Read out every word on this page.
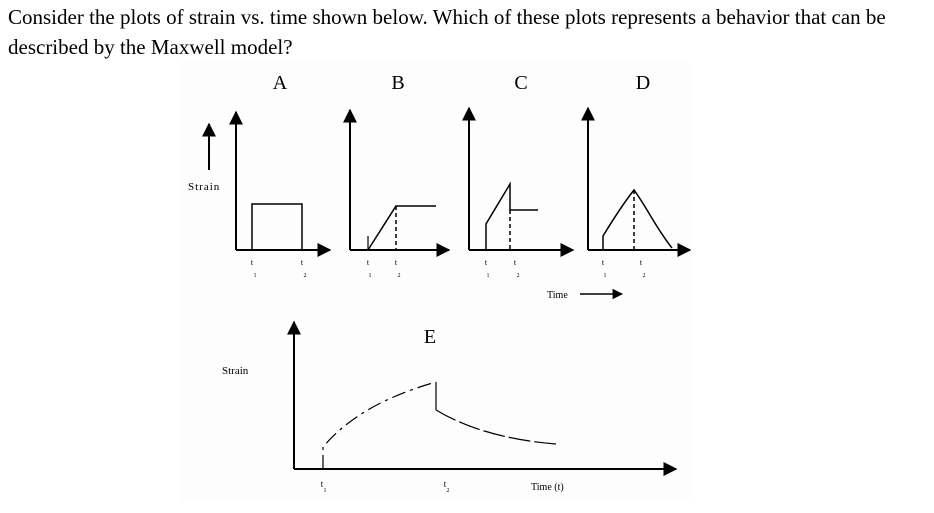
Consider the plots of strain vs. time shown below. Which of these plots represents a behavior that can be described by the Maxwell model?
A	B	C	D
Strain
t
1
t
2
t
1
t
2
t
1
t
2
t
1
t
2
Time
E
Strain
t
1
t
2	Time (t)
